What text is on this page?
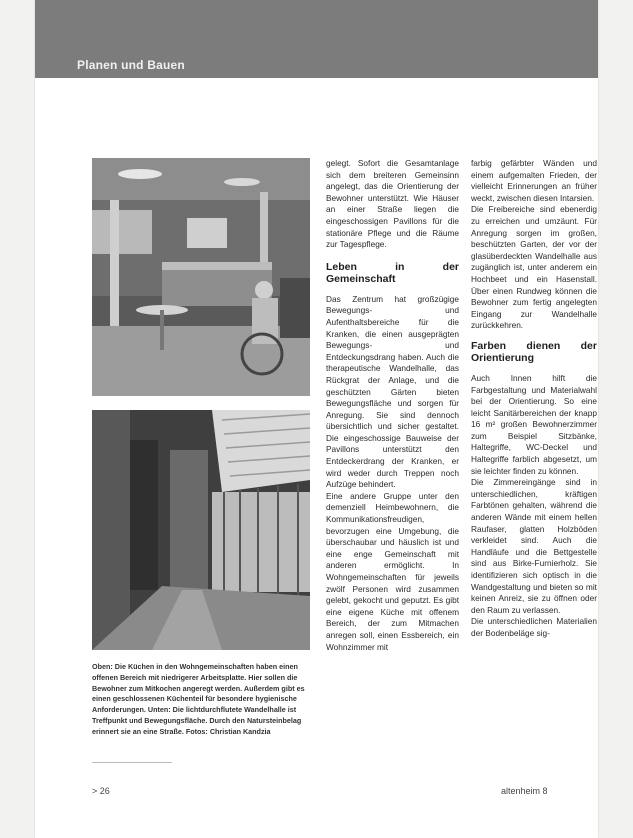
Planen und Bauen
Oben: Die Küchen in den Wohngemeinschaften haben einen offenen Bereich mit niedrigerer Arbeitsplatte. Hier sollen die Bewohner zum Mitkochen angeregt werden. Außerdem gibt es einen geschlossenen Küchenteil für besondere hygienische Anforderungen. Unten: Die lichtdurchflutete Wandelhalle ist Treffpunkt und Bewegungsfläche. Durch den Natursteinbelag erinnert sie an eine Straße. Fotos: Christian Kandzia

gelegt. Sofort die Gesamtanlage sich dem breiteren Gemeinsinn angelegt, das die Orientierung der Bewohner unterstützt. Wie Häuser an einer Straße liegen die eingeschossigen Pavillons für die stationäre Pflege und die Räume zur Tagespflege.

Leben in der Gemeinschaft

Das Zentrum hat großzügige Bewegungs- und Aufenthaltsbereiche für die Kranken, die einen ausgeprägten Bewegungs- und Entdeckungsdrang haben. Auch die therapeutische Wandelhalle, das Rückgrat der Anlage, und die geschützten Gärten bieten Bewegungsfläche und sorgen für Anregung. Sie sind dennoch übersichtlich und sicher gestaltet. Die eingeschossige Bauweise der Pavillons unterstützt den Entdeckerdrang der Kranken, er wird weder durch Treppen noch Aufzüge behindert.

Eine andere Gruppe unter den demenziell Heimbewohnern, die Kommunikationsfreudigen, bevorzugen eine Umgebung, die überschaubar und häuslich ist und eine enge Gemeinschaft mit anderen ermöglicht. In Wohngemeinschaften für jeweils zwölf Personen wird zusammen gelebt, gekocht und geputzt. Es gibt eine eigene Küche mit offenem Bereich, der zum Mitmachen anregen soll, einen Essbereich, ein Wohnzimmer mit

farbig gefärbter Wänden und einem aufgemalten Frieden, der vielleicht Erinnerungen an früher weckt, zwischen diesen Intarsien.

Die Freibereiche sind ebenerdig zu erreichen und umzäunt. Für Anregung sorgen im großen, beschützten Garten, der vor der glasüberdeckten Wandelhalle aus zugänglich ist, unter anderem ein Hochbeet und ein Hasenstall. Über einen Rundweg können die Bewohner zum fertig angelegten Eingang zur Wandelhalle zurückkehren.

Farben dienen der Orientierung

Auch Innen hilft die Farbgestaltung und Materialwahl bei der Orientierung. So eine leicht Sanitärbereichen der knapp 16 m² großen Bewohnerzimmer zum Beispiel Sitzbänke, Haltegriffe, WC-Deckel und Haltegriffe farblich abgesetzt, um sie leichter finden zu können.

Die Zimmereingänge sind in unterschiedlichen, kräftigen Farbtönen gehalten, während die anderen Wände mit einem hellen Raufaser, glatten Holzböden verkleidet sind. Auch die Handläufe und die Bettgestelle sind aus Birke-Furnierholz. Sie identifizieren sich optisch in die Wandgestaltung und bieten so mit keinen Anreiz, sie zu öffnen oder den Raum zu verlassen.

Die unterschiedlichen Materialien der Bodenbeläge sig-

> 26	altenheim 8
